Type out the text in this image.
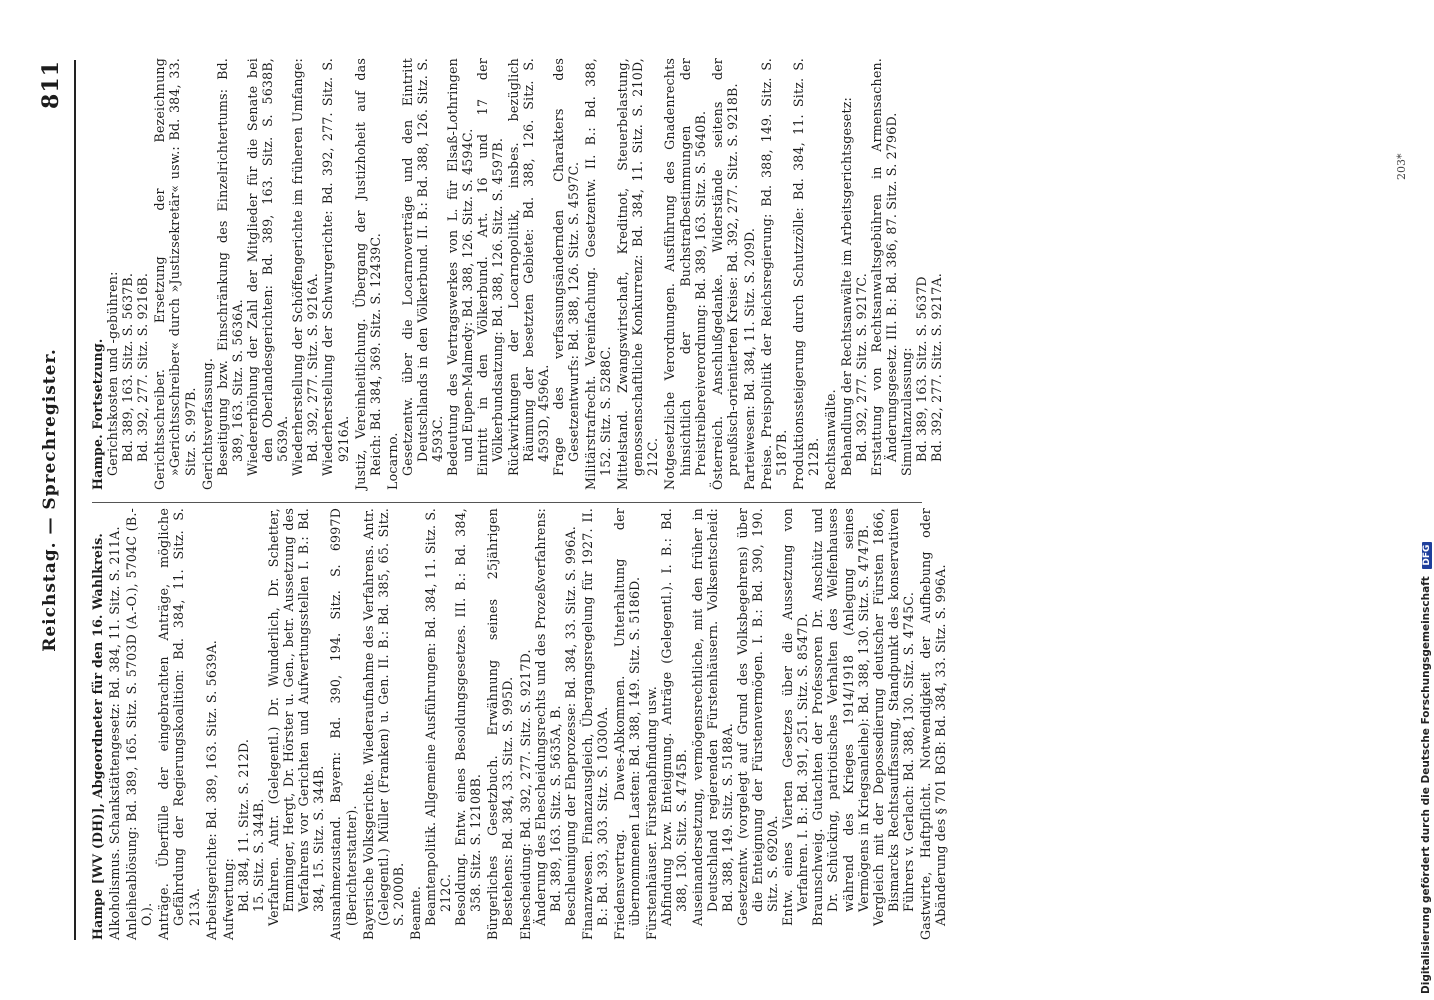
Reichstag. — Sprechregister.
811

Hampe [WV (DH)], Abgeordneter für den 16. Wahlkreis. Alkoholismus. Schankstättengesetz: Bd. 384, 11. Sitz. S. 211A. Anleiheablösung: Bd. 389, 165. Sitz. S. 5703D (A.-O.), 5704C (B.-O.). Anträge. Überfülle der eingebrachten Anträge, mögliche Gefährdung der Regierungskoalition: Bd. 384, 11. Sitz. S. 213A. Arbeitsgerichte: Bd. 389, 163. Sitz. S. 5639A. Aufwertung: Bd. 384, 11. Sitz. S. 212D. 15. Sitz. S. 344B. Verfahren. Antr. (Gelegentl.) Dr. Wunderlich, Dr. Schetter, Emminger, Hergt, Dr. Hörster u. Gen., betr. Aussetzung des Verfahrens vor Gerichten und Aufwertungsstellen I. B.: Bd. 384, 15. Sitz. S. 344B. Ausnahmezustand. Bayern: Bd. 390, 194. Sitz. S. 6997D (Berichterstatter). Bayerische Volksgerichte. Wiederaufnahme des Verfahrens. Antr. (Gelegentl.) Müller (Franken) u. Gen. II. B.: Bd. 385, 65. Sitz. S. 2000B. Beamte. Beamtenpolitik. Allgemeine Ausführungen: Bd. 384, 11. Sitz. S. 212C. Besoldung. Entw. eines Besoldungsgesetzes. III. B.: Bd. 384, 358. Sitz. S. 12108B. Bürgerliches Gesetzbuch. Erwähnung seines 25jährigen Bestehens: Bd. 384, 33. Sitz. S. 995D. Ehescheidung: Bd. 392, 277. Sitz. S. 9217D. Änderung des Ehescheidungsrechts und des Prozeßverfahrens: Bd. 389, 163. Sitz. S. 5635A, B. Beschleunigung der Eheprozesse: Bd. 384, 33. Sitz. S. 996A. Finanzwesen. Finanzausgleich, Übergangsregelung für 1927. II. B.: Bd. 393, 303. Sitz. S. 10300A. Friedensvertrag. Dawes-Abkommen. Unterhaltung der übernommenen Lasten: Bd. 388, 149. Sitz. S. 5186D. Fürstenhäuser. Fürstenabfindung usw. Abfindung bzw. Enteignung. Anträge (Gelegentl.). I. B.: Bd. 388, 130. Sitz. S. 4745B. Auseinandersetzung, vermögensrechtliche, mit den früher in Deutschland regierenden Fürstenhäusern. Volksentscheid: Bd. 388, 149. Sitz. S. 5188A. Gesetzentw. (vorgelegt auf Grund des Volksbegehrens) über die Enteignung der Fürstenvermögen. I. B.: Bd. 390, 190. Sitz. S. 6920A. Entw. eines Vierten Gesetzes über die Aussetzung von Verfahren. I. B.: Bd. 391, 251. Sitz. S. 8547D. Braunschweig. Gutachten der Professoren Dr. Anschütz und Dr. Schücking, patriotisches Verhalten des Welfenhauses während des Krieges 1914/1918 (Anlegung seines Vermögens in Kriegsanleihe): Bd. 388, 130. Sitz. S. 4747B. Vergleich mit der Depossedierung deutscher Fürsten 1866, Bismarcks Rechtsauffassung, Standpunkt des konservativen Führers v. Gerlach: Bd. 388, 130. Sitz. S. 4745C. Gastwirte, Haftpflicht. Notwendigkeit der Aufhebung oder Abänderung des § 701 BGB: Bd. 384, 33. Sitz. S. 996A.

Hampe. Fortsetzung. Gerichtskosten und -gebühren: Bd. 389, 163. Sitz. S. 5637B. Bd. 392, 277. Sitz. S. 9216B. Gerichtsschreiber. Ersetzung der Bezeichnung »Gerichtsschreiber« durch »Justizsekretär« usw.: Bd. 384, 33. Sitz. S. 997B. Gerichtsverfassung. Beseitigung bzw. Einschränkung des Einzelrichtertums: Bd. 389, 163. Sitz. S. 5636A. Wiedererhöhung der Zahl der Mitglieder für die Senate bei den Oberlandesgerichten: Bd. 389, 163. Sitz. S. 5638B, 5639A. Wiederherstellung der Schöffengerichte im früheren Umfange: Bd. 392, 277. Sitz. S. 9216A. Wiederherstellung der Schwurgerichte: Bd. 392, 277. Sitz. S. 9216A. Justiz, Vereinheitlichung. Übergang der Justizhoheit auf das Reich: Bd. 384, 369. Sitz. S. 12439C. Locarno. Gesetzentw. über die Locarnoverträge und den Eintritt Deutschlands in den Völkerbund. II. B.: Bd. 388, 126. Sitz. S. 4593C. Bedeutung des Vertragswerkes von L. für Elsaß-Lothringen und Eupen-Malmedy: Bd. 388, 126. Sitz. S. 4594C. Eintritt in den Völkerbund. Art. 16 und 17 der Völkerbundsatzung: Bd. 388, 126. Sitz. S. 4597B. Rückwirkungen der Locarnopolitik, insbes. bezüglich Räumung der besetzten Gebiete: Bd. 388, 126. Sitz. S. 4593D, 4596A. Frage des verfassungsändernden Charakters des Gesetzentwurfs: Bd. 388, 126. Sitz. S. 4597C. Militärstrafrecht. Vereinfachung. Gesetzentw. II. B.: Bd. 388, 152. Sitz. S. 5288C. Mittelstand. Zwangswirtschaft, Kreditnot, Steuerbelastung, genossenschaftliche Konkurrenz: Bd. 384, 11. Sitz. S. 210D, 212C. Notgesetzliche Verordnungen. Ausführung des Gnadenrechts hinsichtlich der Buchstrafbestimmungen der Preistreibereiverordnung: Bd. 389, 163. Sitz. S. 5640B. Österreich. Anschlußgedanke. Widerstände seitens der preußisch-orientierten Kreise: Bd. 392, 277. Sitz. S. 9218B. Parteiwesen: Bd. 384, 11. Sitz. S. 209D. Preise. Preispolitik der Reichsregierung: Bd. 388, 149. Sitz. S. 5187B. Produktionssteigerung durch Schutzzölle: Bd. 384, 11. Sitz. S. 212B. Rechtsanwälte. Behandlung der Rechtsanwälte im Arbeitsgerichtsgesetz: Bd. 392, 277. Sitz. S. 9217C. Erstattung von Rechtsanwaltsgebühren in Armensachen. Änderungsgesetz. III. B.: Bd. 386, 87. Sitz. S. 2796D. Simultanzulassung: Bd. 389, 163. Sitz. S. 5637D Bd. 392, 277. Sitz. S. 9217A.

203*
Digitalisierung gefördert durch die Deutsche Forschungsgemeinschaft DFG
